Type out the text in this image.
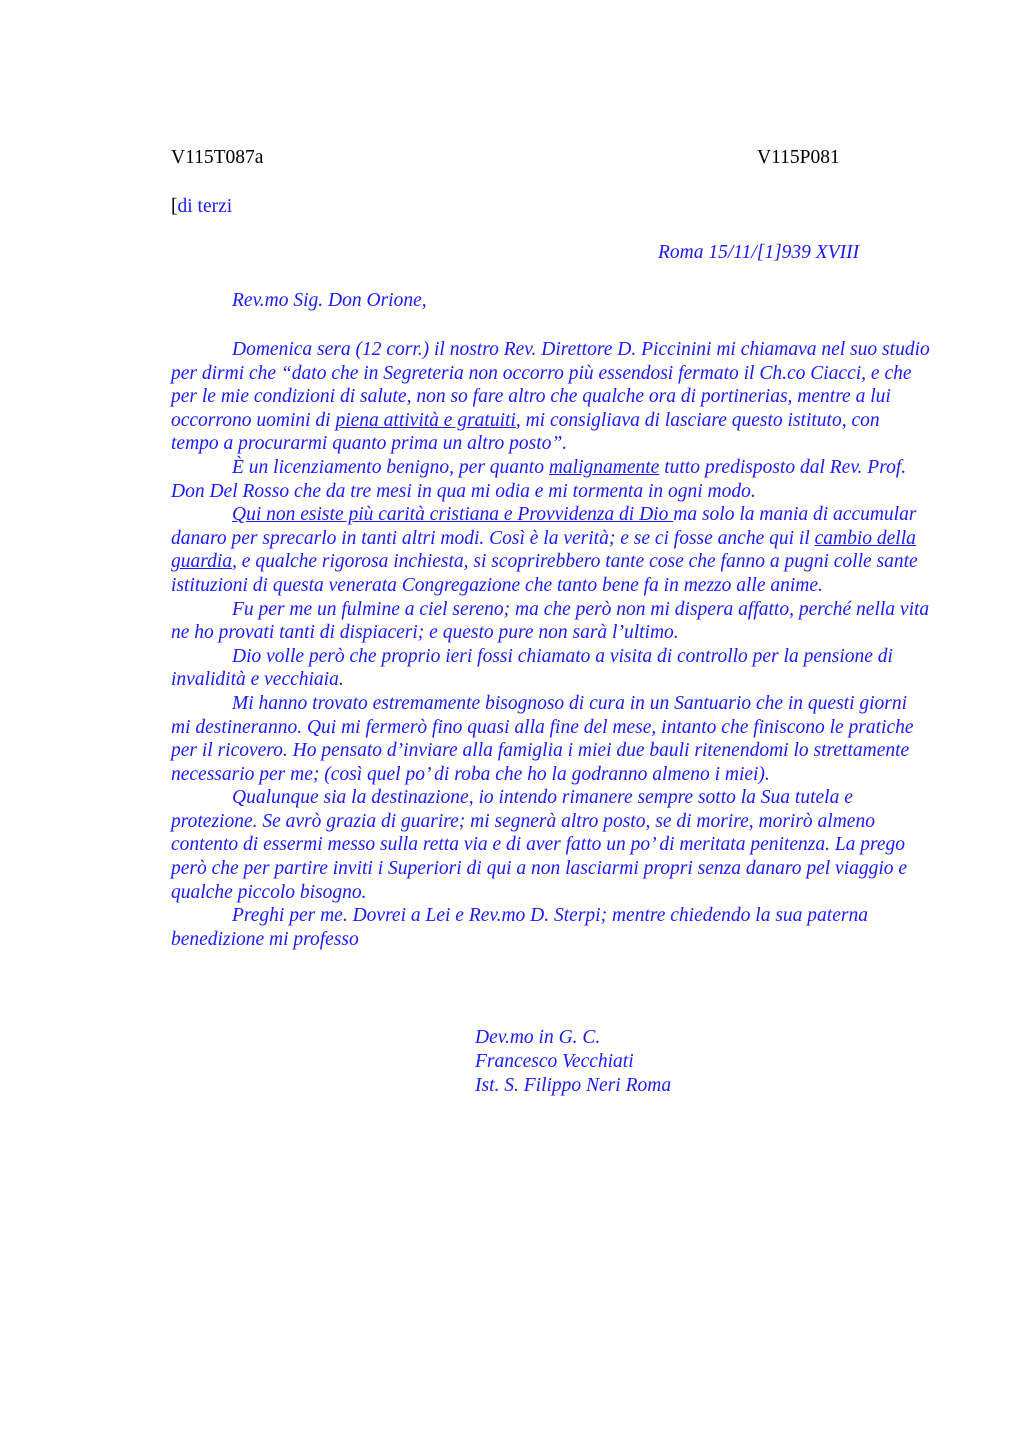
V115T087a	V115P081
[di terzi
Roma 15/11/[1]939 XVIII
Rev.mo Sig. Don Orione,

Domenica sera (12 corr.) il nostro Rev. Direttore D. Piccinini mi chiamava nel suo studio per dirmi che “dato che in Segreteria non occorro più essendosi fermato il Ch.co Ciacci, e che per le mie condizioni di salute, non so fare altro che qualche ora di portinerias, mentre a lui occorrono uomini di piena attività e gratuiti, mi consigliava di lasciare questo istituto, con tempo a procurarmi quanto prima un altro posto”.

È un licenziamento benigno, per quanto malignamente tutto predisposto dal Rev. Prof. Don Del Rosso che da tre mesi in qua mi odia e mi tormenta in ogni modo.

Qui non esiste più carità cristiana e Provvidenza di Dio ma solo la mania di accumular danaro per sprecarlo in tanti altri modi. Così è la verità; e se ci fosse anche qui il cambio della guardia, e qualche rigorosa inchiesta, si scoprirebbero tante cose che fanno a pugni colle sante istituzioni di questa venerata Congregazione che tanto bene fa in mezzo alle anime.

Fu per me un fulmine a ciel sereno; ma che però non mi dispera affatto, perché nella vita ne ho provati tanti di dispiaceri; e questo pure non sarà l’ultimo.

Dio volle però che proprio ieri fossi chiamato a visita di controllo per la pensione di invalidità e vecchiaia.

Mi hanno trovato estremamente bisognoso di cura in un Santuario che in questi giorni mi destineranno. Qui mi fermerò fino quasi alla fine del mese, intanto che finiscono le pratiche per il ricovero. Ho pensato d’inviare alla famiglia i miei due bauli ritenendomi lo strettamente necessario per me; (così quel po’ di roba che ho la godranno almeno i miei).

Qualunque sia la destinazione, io intendo rimanere sempre sotto la Sua tutela e protezione. Se avrò grazia di guarire; mi segnerà altro posto, se di morire, morirò almeno contento di essermi messo sulla retta via e di aver fatto un po’ di meritata penitenza. La prego però che per partire inviti i Superiori di qui a non lasciarmi propri senza danaro pel viaggio e qualche piccolo bisogno.

Preghi per me. Dovrei a Lei e Rev.mo D. Sterpi; mentre chiedendo la sua paterna benedizione mi professo

Dev.mo in G. C.
Francesco Vecchiati
Ist. S. Filippo Neri Roma
